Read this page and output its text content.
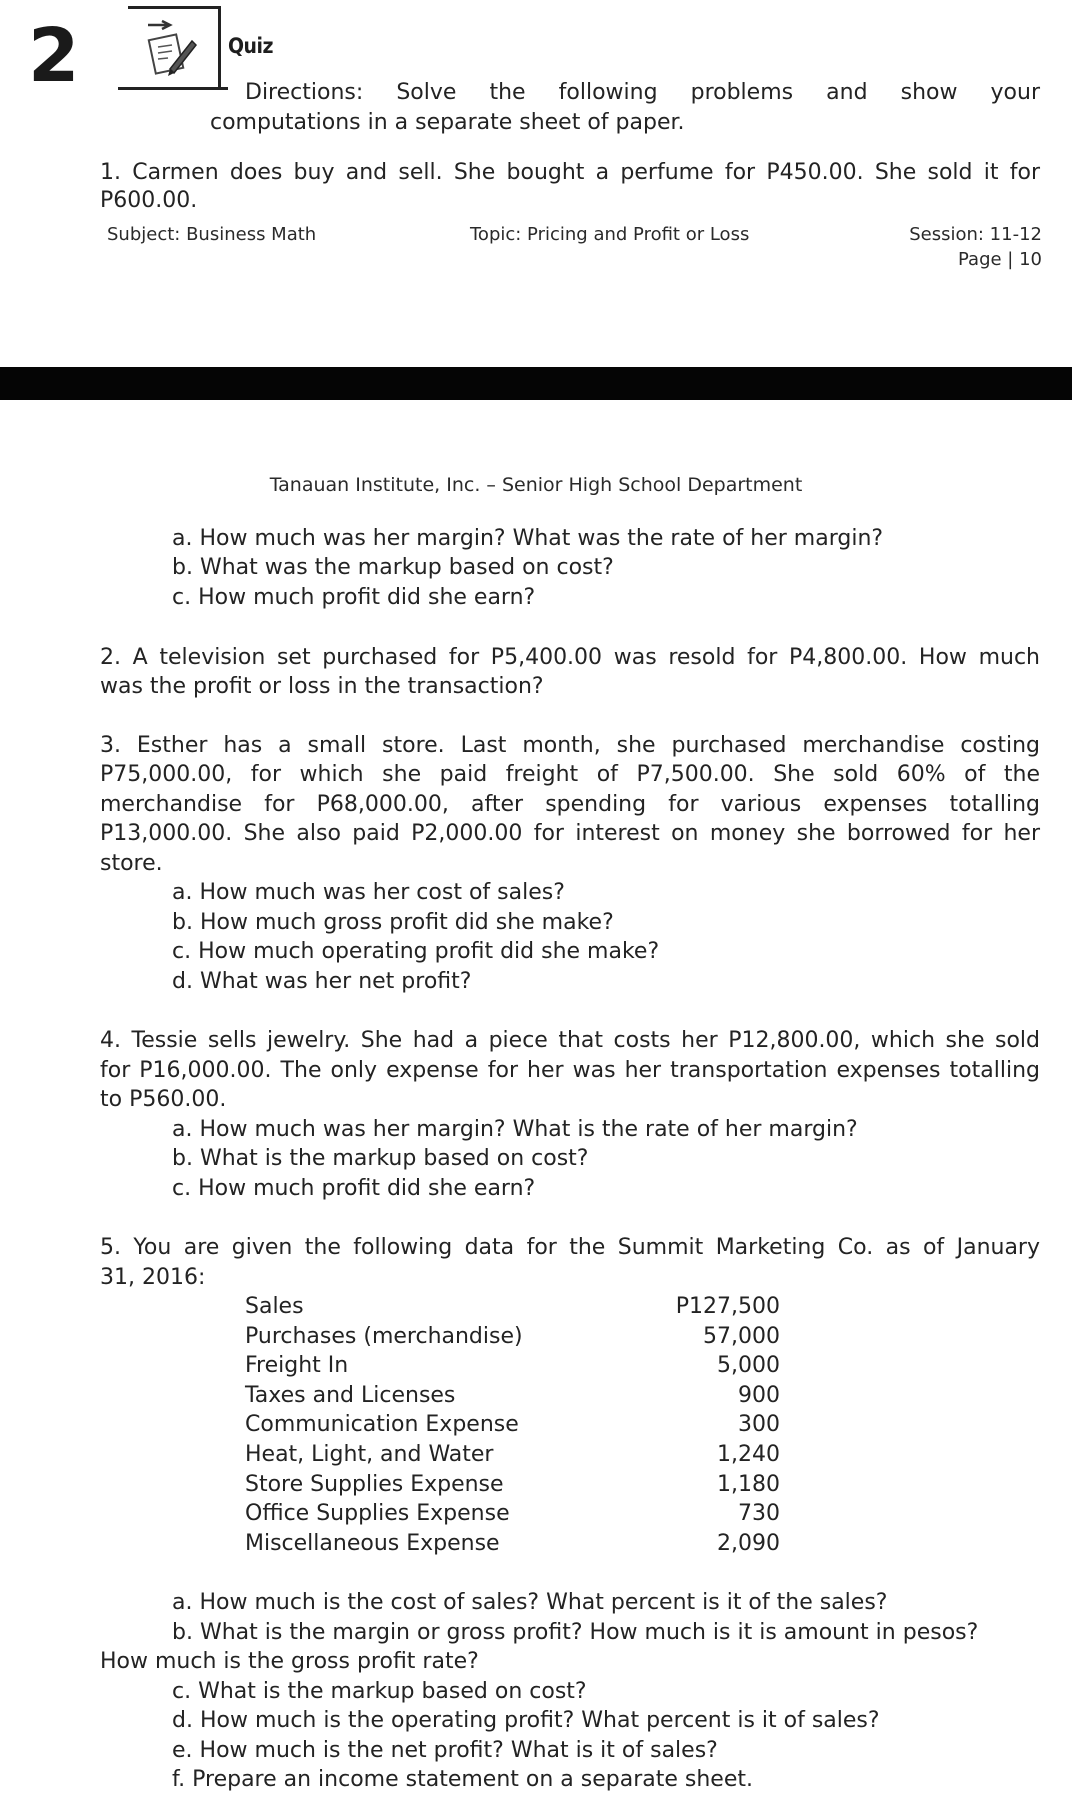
2	Quiz
Directions: Solve the following problems and show your
computations in a separate sheet of paper.
1. Carmen does buy and sell. She bought a perfume for P450.00. She sold it for
P600.00.
Subject: Business Math	Topic: Pricing and Profit or Loss	Session: 11-12
Page | 10
Tanauan Institute, Inc. – Senior High School Department
a. How much was her margin? What was the rate of her margin?
b. What was the markup based on cost?
c. How much profit did she earn?
2. A television set purchased for P5,400.00 was resold for P4,800.00. How much
was the profit or loss in the transaction?
3. Esther has a small store. Last month, she purchased merchandise costing
P75,000.00, for which she paid freight of P7,500.00. She sold 60% of the
merchandise for P68,000.00, after spending for various expenses totalling
P13,000.00. She also paid P2,000.00 for interest on money she borrowed for her
store.
a. How much was her cost of sales?
b. How much gross profit did she make?
c. How much operating profit did she make?
d. What was her net profit?
4. Tessie sells jewelry. She had a piece that costs her P12,800.00, which she sold
for P16,000.00. The only expense for her was her transportation expenses totalling
to P560.00.
a. How much was her margin? What is the rate of her margin?
b. What is the markup based on cost?
c. How much profit did she earn?
5. You are given the following data for the Summit Marketing Co. as of January
31, 2016:
Sales	P127,500
Purchases (merchandise)	57,000
Freight In	5,000
Taxes and Licenses	900
Communication Expense	300
Heat, Light, and Water	1,240
Store Supplies Expense	1,180
Office Supplies Expense	730
Miscellaneous Expense	2,090
a. How much is the cost of sales? What percent is it of the sales?
b. What is the margin or gross profit? How much is it is amount in pesos?
How much is the gross profit rate?
c. What is the markup based on cost?
d. How much is the operating profit? What percent is it of sales?
e. How much is the net profit? What is it of sales?
f. Prepare an income statement on a separate sheet.
